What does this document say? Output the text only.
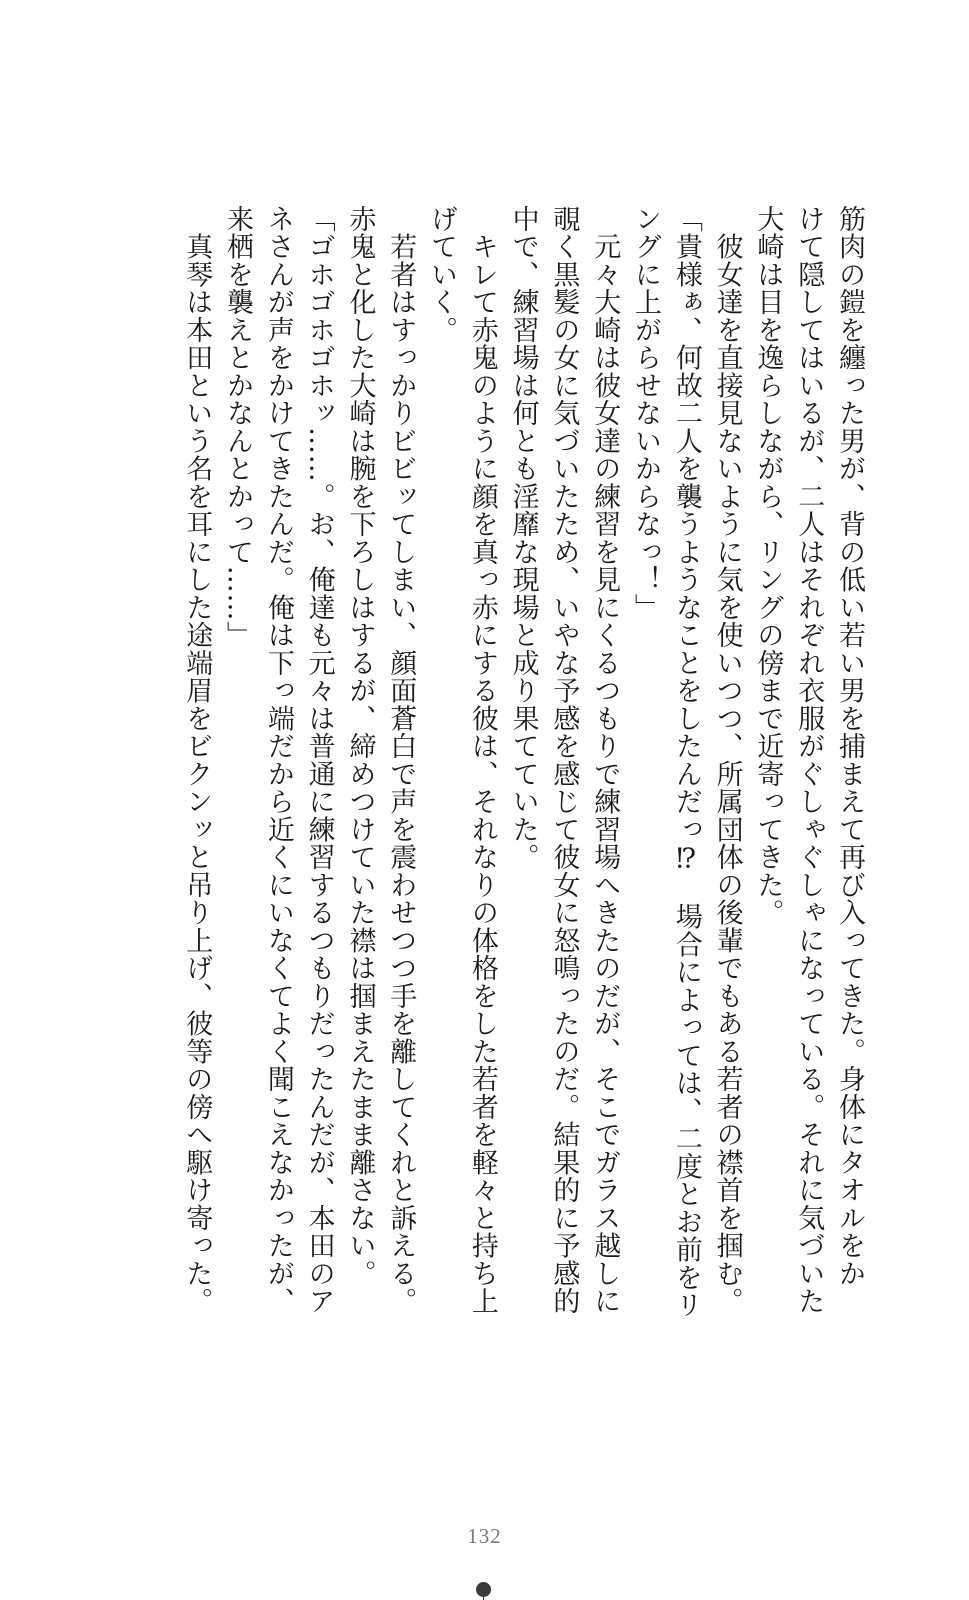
筋肉の鎧を纏った男が、背の低い若い男を捕まえて再び入ってきた。身体にタオルをか
けて隠してはいるが、二人はそれぞれ衣服がぐしゃぐしゃになっている。それに気づいた
大崎は目を逸らしながら、リングの傍まで近寄ってきた。
　彼女達を直接見ないように気を使いつつ、所属団体の後輩でもある若者の襟首を掴む。
「貴様ぁ、何故二人を襲うようなことをしたんだっ⁉　場合によっては、二度とお前をリ
ングに上がらせないからなっ！」
　元々大崎は彼女達の練習を見にくるつもりで練習場へきたのだが、そこでガラス越しに
覗く黒髪の女に気づいたため、いやな予感を感じて彼女に怒鳴ったのだ。結果的に予感的
中で、練習場は何とも淫靡な現場と成り果てていた。
　キレて赤鬼のように顔を真っ赤にする彼は、それなりの体格をした若者を軽々と持ち上
げていく。
　若者はすっかりビビッてしまい、顔面蒼白で声を震わせつつ手を離してくれと訴える。
赤鬼と化した大崎は腕を下ろしはするが、締めつけていた襟は掴まえたまま離さない。
「ゴホゴホゴホッ……。お、俺達も元々は普通に練習するつもりだったんだが、本田のア
ネさんが声をかけてきたんだ。俺は下っ端だから近くにいなくてよく聞こえなかったが、
来栖を襲えとかなんとかって……」
　真琴は本田という名を耳にした途端眉をビクンッと吊り上げ、彼等の傍へ駆け寄った。
132
